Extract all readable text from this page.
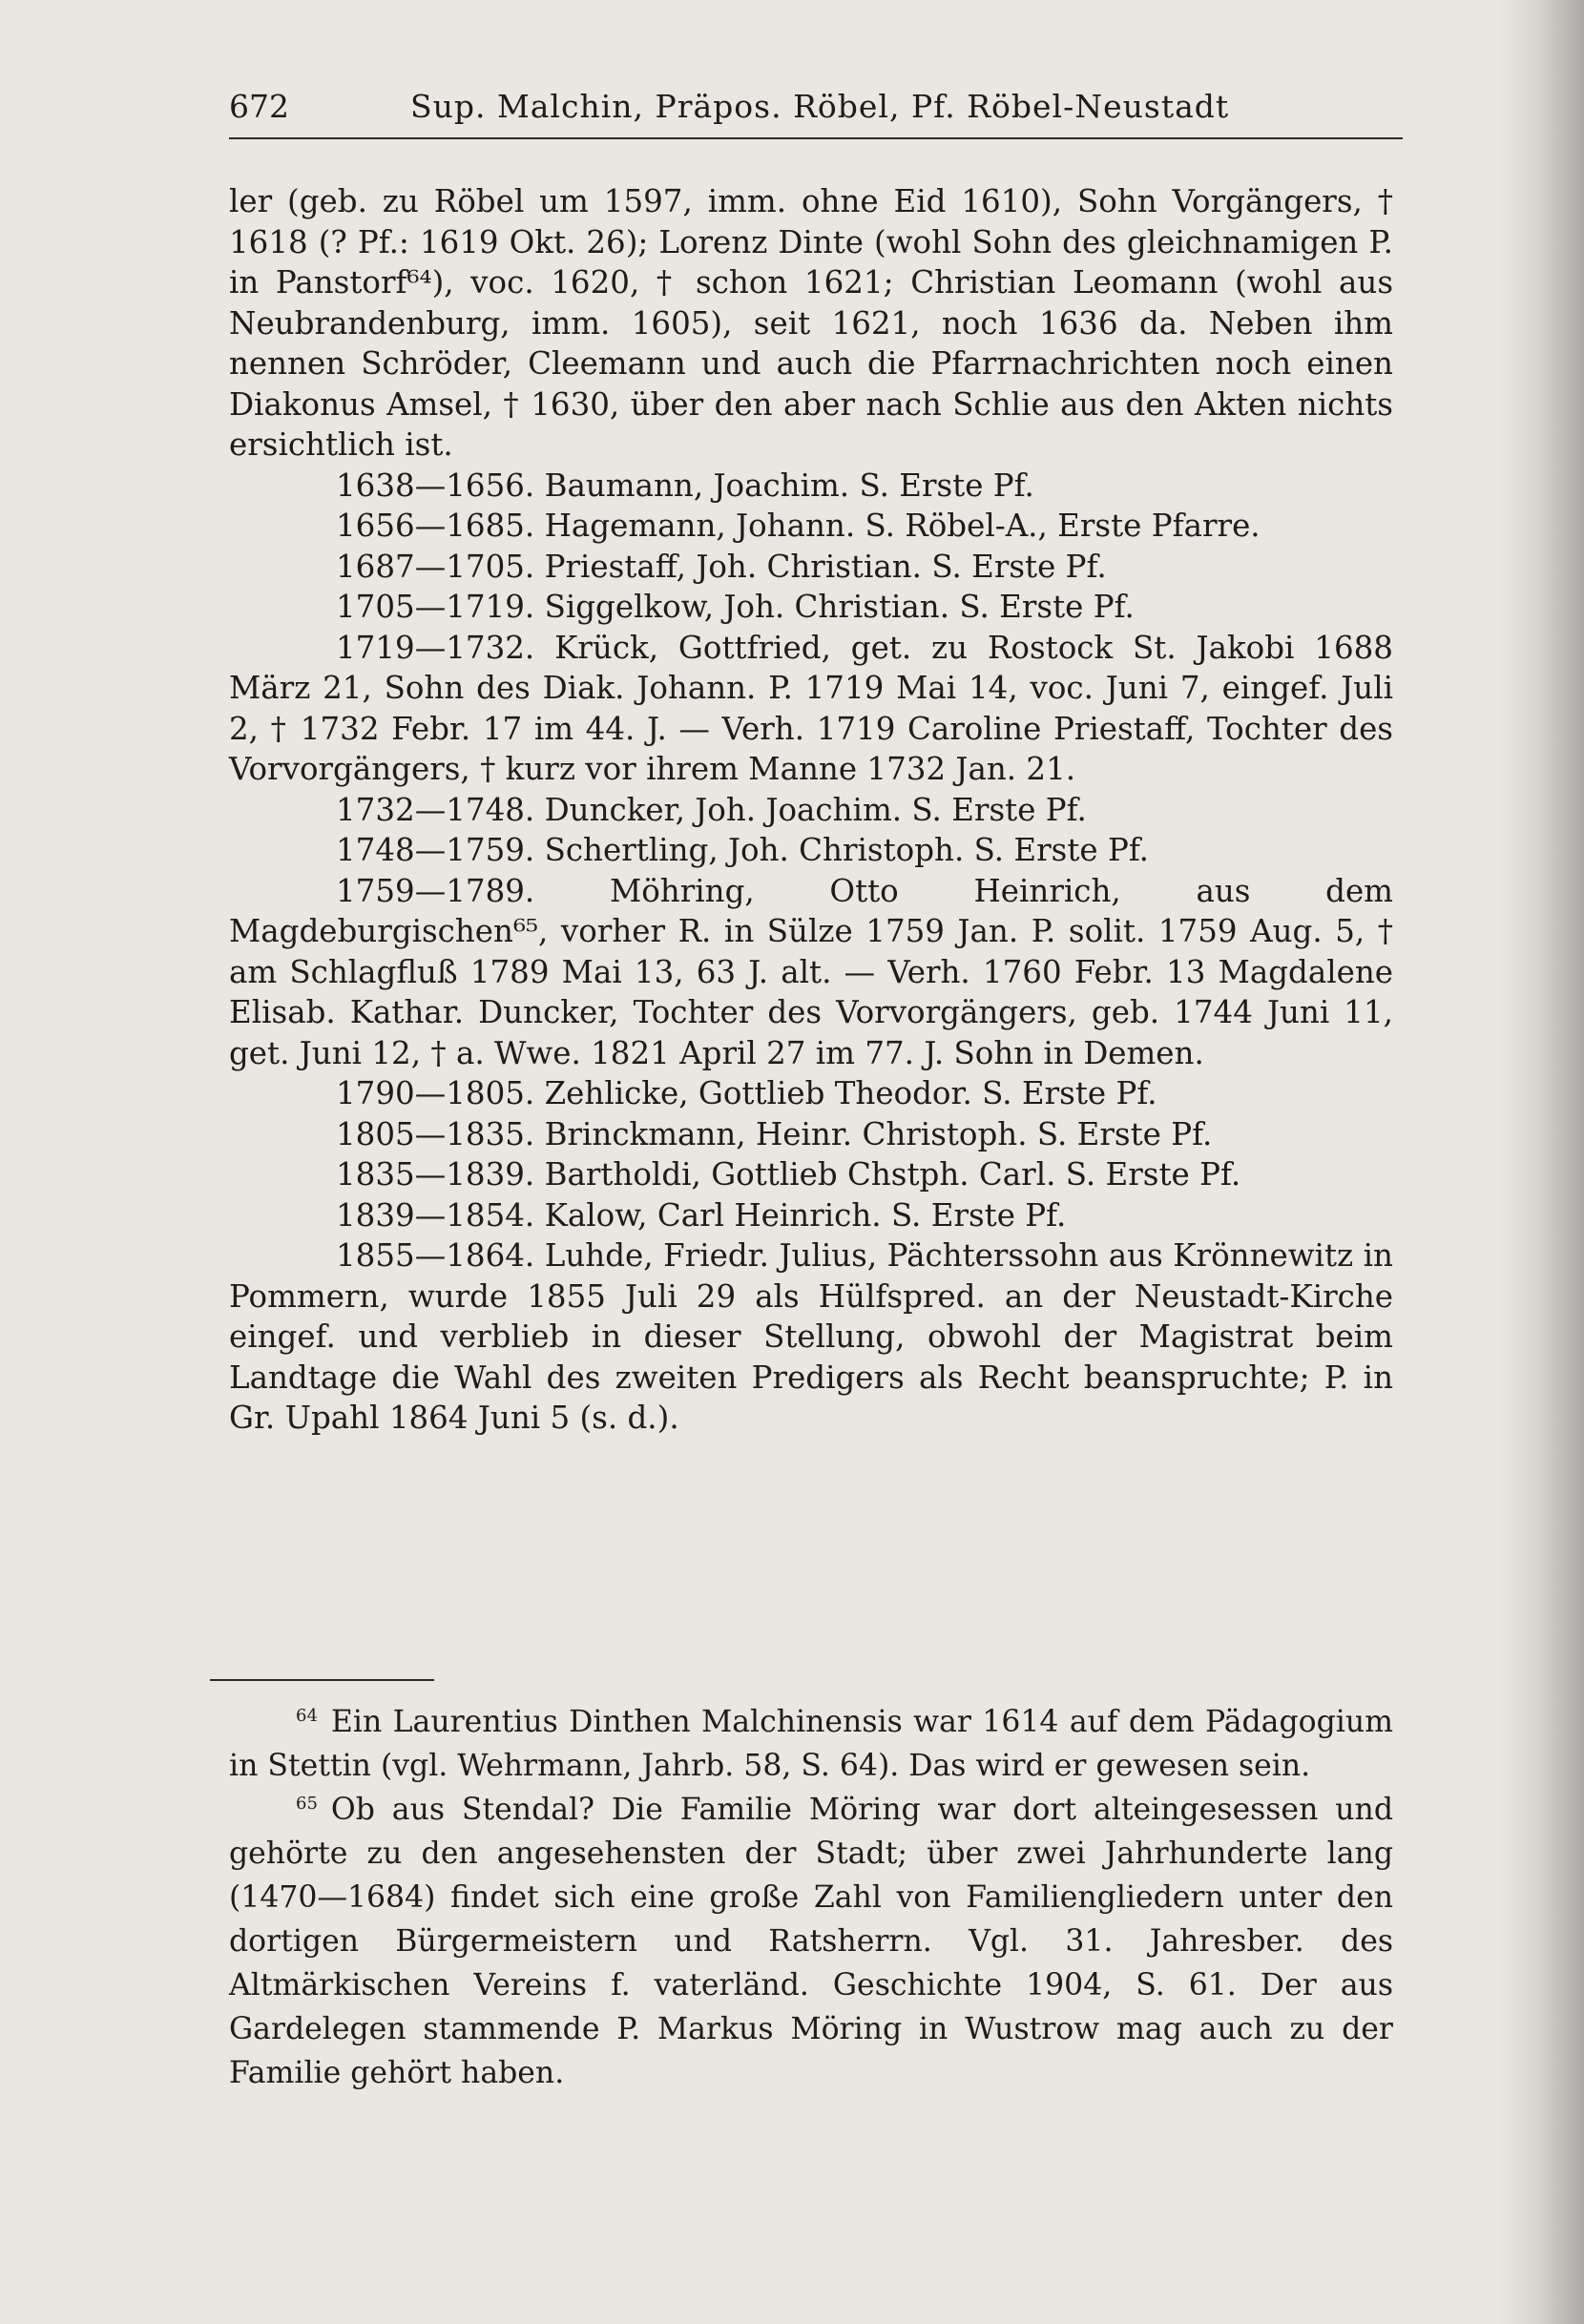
672	Sup. Malchin, Präpos. Röbel, Pf. Röbel-Neustadt

ler (geb. zu Röbel um 1597, imm. ohne Eid 1610), Sohn Vorgängers, † 1618 (? Pf.: 1619 Okt. 26); Lorenz Dinte (wohl Sohn des gleichnamigen P. in Panstorf⁶⁴), voc. 1620, † schon 1621; Christian Leomann (wohl aus Neubrandenburg, imm. 1605), seit 1621, noch 1636 da. Neben ihm nennen Schröder, Cleemann und auch die Pfarrnachrichten noch einen Diakonus Amsel, † 1630, über den aber nach Schlie aus den Akten nichts ersichtlich ist.

1638—1656. Baumann, Joachim. S. Erste Pf.

1656—1685. Hagemann, Johann. S. Röbel-A., Erste Pfarre.

1687—1705. Priestaff, Joh. Christian. S. Erste Pf.

1705—1719. Siggelkow, Joh. Christian. S. Erste Pf.

1719—1732. Krück, Gottfried, get. zu Rostock St. Jakobi 1688 März 21, Sohn des Diak. Johann. P. 1719 Mai 14, voc. Juni 7, eingef. Juli 2, † 1732 Febr. 17 im 44. J. — Verh. 1719 Caroline Priestaff, Tochter des Vorvorgängers, † kurz vor ihrem Manne 1732 Jan. 21.

1732—1748. Duncker, Joh. Joachim. S. Erste Pf.

1748—1759. Schertling, Joh. Christoph. S. Erste Pf.

1759—1789. Möhring, Otto Heinrich, aus dem Magdeburgischen⁶⁵, vorher R. in Sülze 1759 Jan. P. solit. 1759 Aug. 5, † am Schlagfluß 1789 Mai 13, 63 J. alt. — Verh. 1760 Febr. 13 Magdalene Elisab. Kathar. Duncker, Tochter des Vorvorgängers, geb. 1744 Juni 11, get. Juni 12, † a. Wwe. 1821 April 27 im 77. J. Sohn in Demen.

1790—1805. Zehlicke, Gottlieb Theodor. S. Erste Pf.

1805—1835. Brinckmann, Heinr. Christoph. S. Erste Pf.

1835—1839. Bartholdi, Gottlieb Chstph. Carl. S. Erste Pf.

1839—1854. Kalow, Carl Heinrich. S. Erste Pf.

1855—1864. Luhde, Friedr. Julius, Pächterssohn aus Krönnewitz in Pommern, wurde 1855 Juli 29 als Hülfspred. an der Neustadt-Kirche eingef. und verblieb in dieser Stellung, obwohl der Magistrat beim Landtage die Wahl des zweiten Predigers als Recht beanspruchte; P. in Gr. Upahl 1864 Juni 5 (s. d.).

$^{64}$ Ein Laurentius Dinthen Malchinensis war 1614 auf dem Pädagogium in Stettin (vgl. Wehrmann, Jahrb. 58, S. 64). Das wird er gewesen sein.

$^{65}$ Ob aus Stendal? Die Familie Möring war dort alteingesessen und gehörte zu den angesehensten der Stadt; über zwei Jahrhunderte lang (1470—1684) findet sich eine große Zahl von Familiengliedern unter den dortigen Bürgermeistern und Ratsherrn. Vgl. 31. Jahresber. des Altmärkischen Vereins f. vaterländ. Geschichte 1904, S. 61. Der aus Gardelegen stammende P. Markus Möring in Wustrow mag auch zu der Familie gehört haben.
